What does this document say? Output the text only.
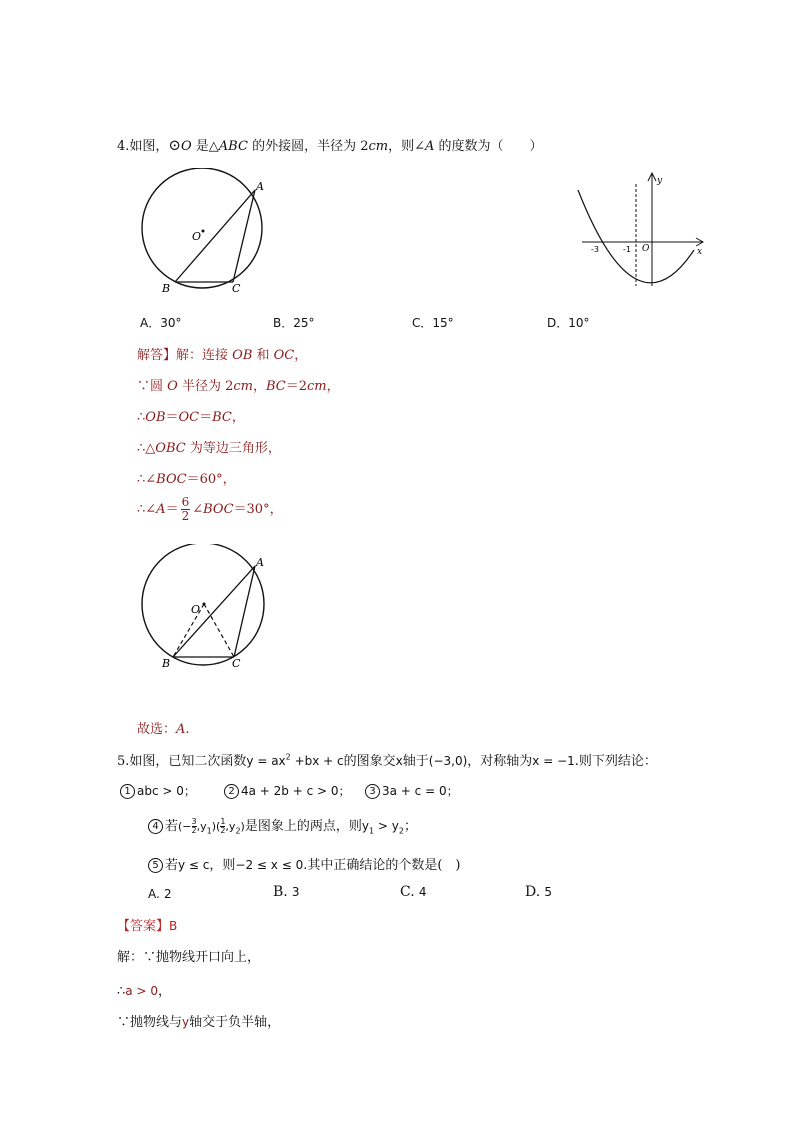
4.如图，⊙O 是△ABC 的外接圆，半径为 2cm，则∠A 的度数为（　　）
O
A
B	C
y
x
-3	-1 O
A．30°	B．25°	C．15°	D．10°
解答】解：连接 OB 和 OC，
∵圆 O 半径为 2cm，BC＝2cm，
∴OB＝OC＝BC，
∴△OBC 为等边三角形，
∴∠BOC＝60°，
∴∠A＝ $\frac{6}{2}$ ∠BOC＝30°，
O
A
B	C
故选：A.
5.如图，已知二次函数$y = ax^2 +bx + c$的图象交x轴于(−3,0)，对称轴为x = −1.则下列结论：
1 abc > 0；	2 4a + 2b + c > 0；	3 3a + c = 0；
4 若(− $\frac{3}{2},y_1)( \frac{1}{2},y_2)$是图象上的两点，则$y_1 > y_2$；
5 若y ≤ c，则−2 ≤ x ≤ 0.其中正确结论的个数是(　)
A. 2	B. 3	C. 4	D. 5
【答案】B
解：∵抛物线开口向上，
∴a > 0，
∵抛物线与y轴交于负半轴，
